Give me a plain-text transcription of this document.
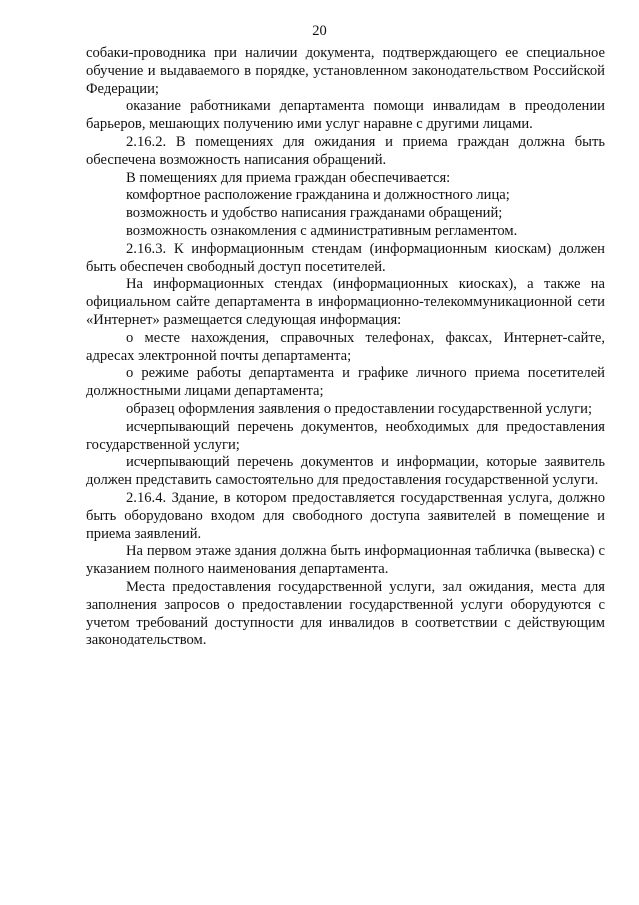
20

собаки-проводника при наличии документа, подтверждающего ее специальное обучение и выдаваемого в порядке, установленном законодательством Российской Федерации;

оказание работниками департамента помощи инвалидам в преодолении барьеров, мешающих получению ими услуг наравне с другими лицами.

2.16.2. В помещениях для ожидания и приема граждан должна быть обеспечена возможность написания обращений.

В помещениях для приема граждан обеспечивается:

комфортное расположение гражданина и должностного лица;

возможность и удобство написания гражданами обращений;

возможность ознакомления с административным регламентом.

2.16.3. К информационным стендам (информационным киоскам) должен быть обеспечен свободный доступ посетителей.

На информационных стендах (информационных киосках), а также на официальном сайте департамента в информационно-телекоммуникационной сети «Интернет» размещается следующая информация:

о месте нахождения, справочных телефонах, факсах, Интернет-сайте, адресах электронной почты департамента;

о режиме работы департамента и графике личного приема посетителей должностными лицами департамента;

образец оформления заявления о предоставлении государственной услуги;

исчерпывающий перечень документов, необходимых для предоставления государственной услуги;

исчерпывающий перечень документов и информации, которые заявитель должен представить самостоятельно для предоставления государственной услуги.

2.16.4. Здание, в котором предоставляется государственная услуга, должно быть оборудовано входом для свободного доступа заявителей в помещение и приема заявлений.

На первом этаже здания должна быть информационная табличка (вывеска) с указанием полного наименования департамента.

Места предоставления государственной услуги, зал ожидания, места для заполнения запросов о предоставлении государственной услуги оборудуются с учетом требований доступности для инвалидов в соответствии с действующим законодательством.
